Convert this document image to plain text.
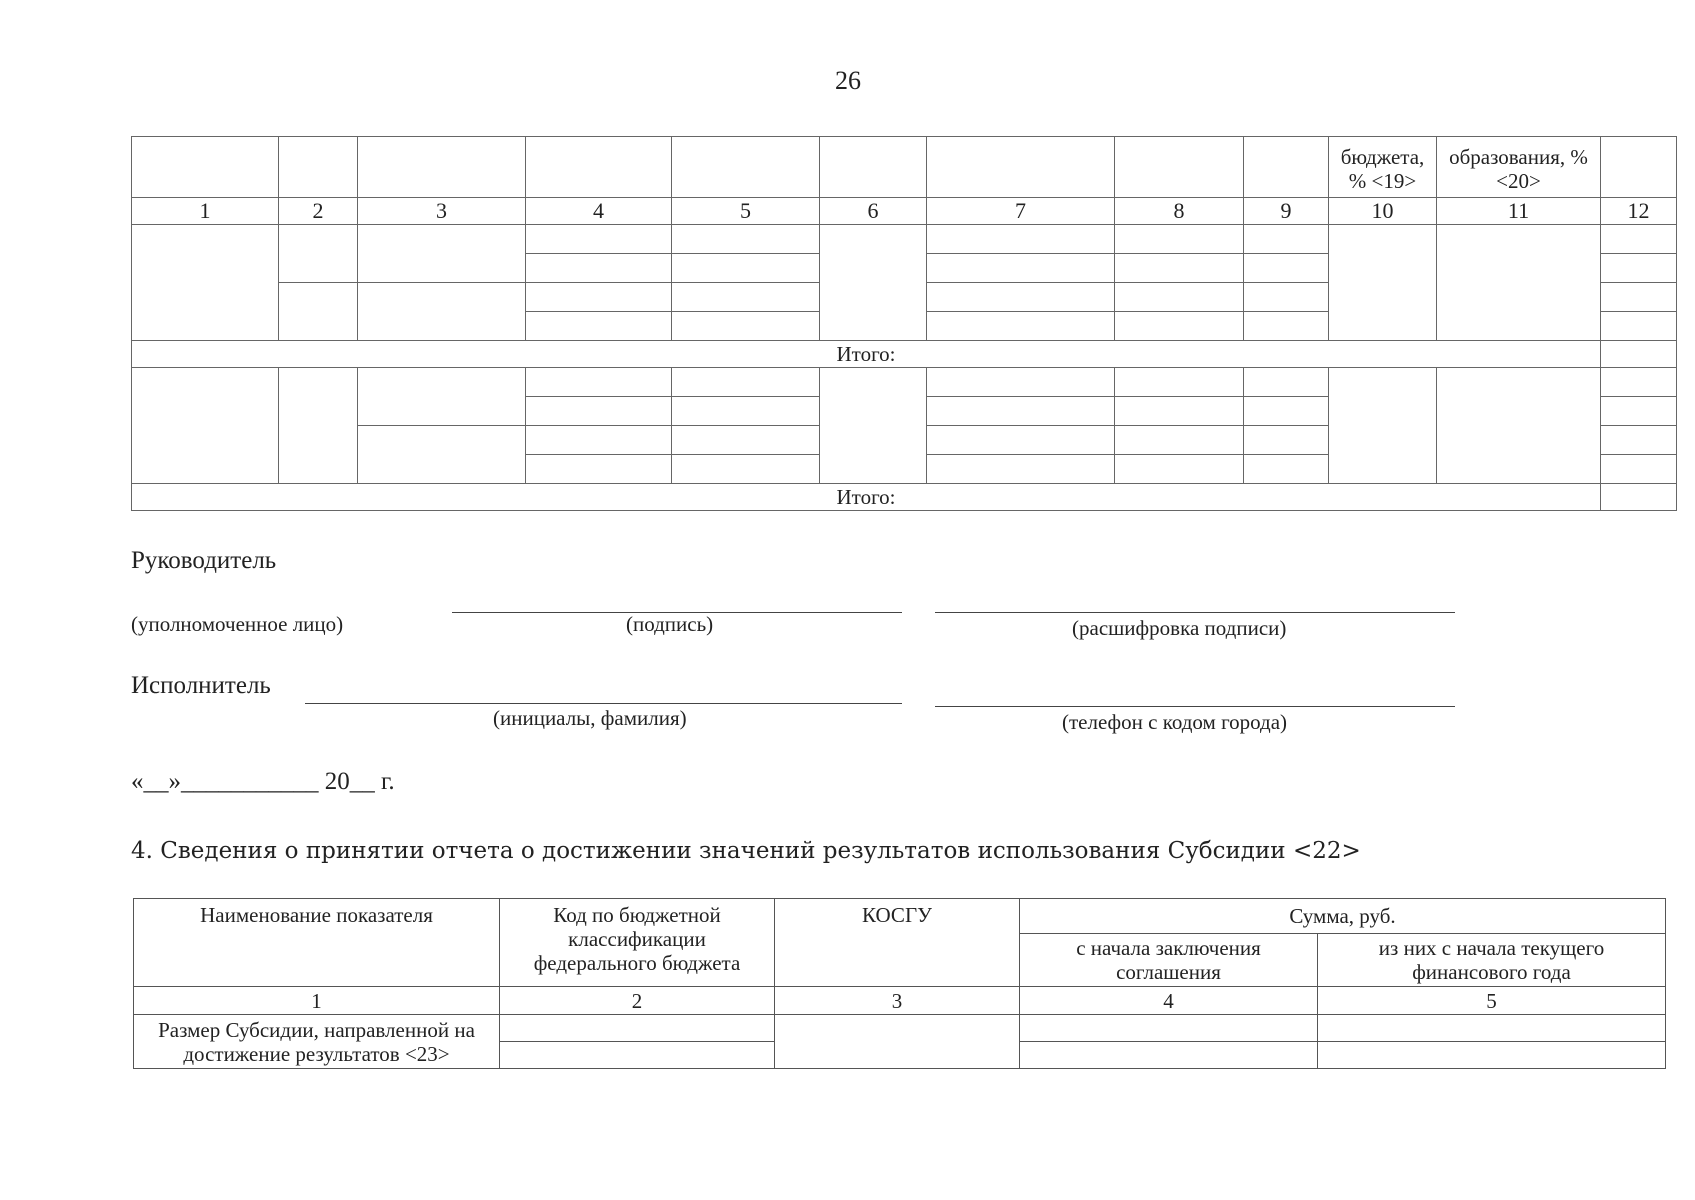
26
									бюджета, % <19>	образования, % <20>	
1	2	3	4	5	6	7	8	9	10	11	12

Итого:											

Итого:											
Руководитель
(уполномоченное лицо)	(подпись)	(расшифровка подписи)
Исполнитель
(инициалы, фамилия)	(телефон с кодом города)
«__»___________ 20__ г.
4. Сведения о принятии отчета о достижении значений результатов использования Субсидии <22>
Наименование показателя	Код по бюджетной классификации федерального бюджета	КОСГУ	Сумма, руб.	
			с начала заключения соглашения	из них с начала текущего финансового года
1	2	3	4	5
Размер Субсидии, направленной на достижение результатов <23>				
